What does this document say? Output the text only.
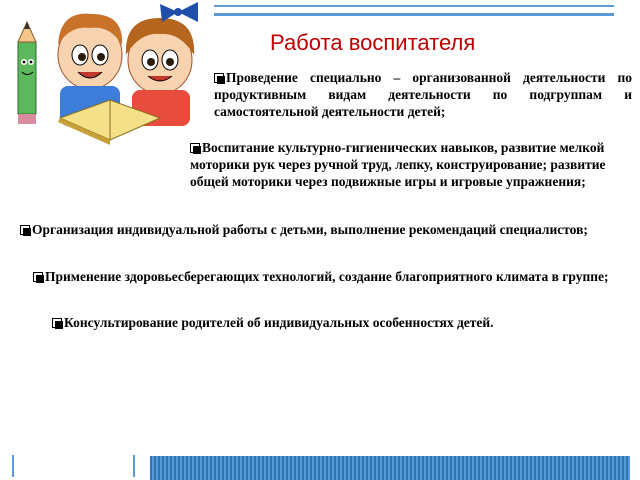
Работа воспитателя
Проведение специально – организованной деятельности по продуктивным видам деятельности по подгруппам и самостоятельной деятельности детей;
Воспитание культурно-гигиенических навыков, развитие мелкой моторики рук через ручной труд, лепку, конструирование; развитие общей моторики через подвижные игры и игровые упражнения;
Организация индивидуальной работы с детьми, выполнение рекомендаций специалистов;
Применение здоровьесберегающих технологий, создание благоприятного климата в группе;
Консультирование родителей об индивидуальных особенностях детей.
